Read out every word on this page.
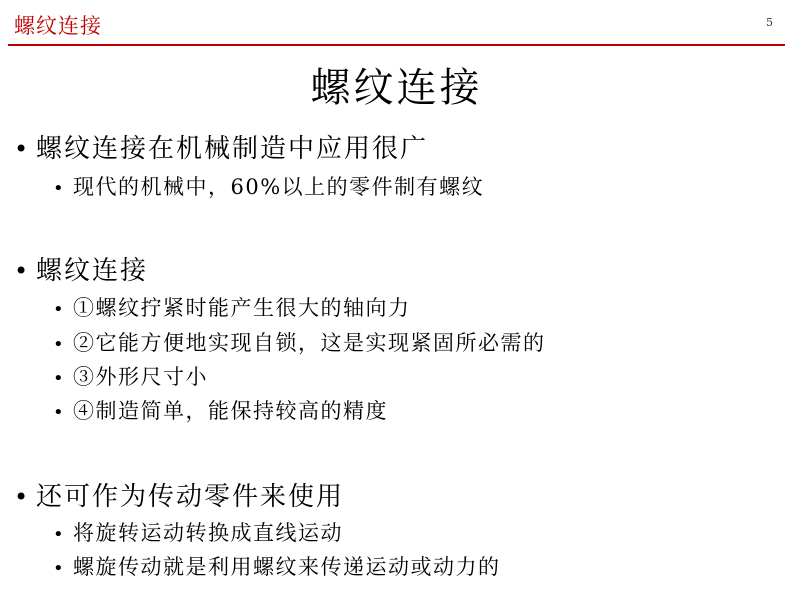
螺纹连接	5
螺纹连接
• 螺纹连接在机械制造中应用很广
• 现代的机械中，60%以上的零件制有螺纹
• 螺纹连接
• ①螺纹拧紧时能产生很大的轴向力
• ②它能方便地实现自锁，这是实现紧固所必需的
• ③外形尺寸小
• ④制造简单，能保持较高的精度
• 还可作为传动零件来使用
• 将旋转运动转换成直线运动
• 螺旋传动就是利用螺纹来传递运动或动力的
